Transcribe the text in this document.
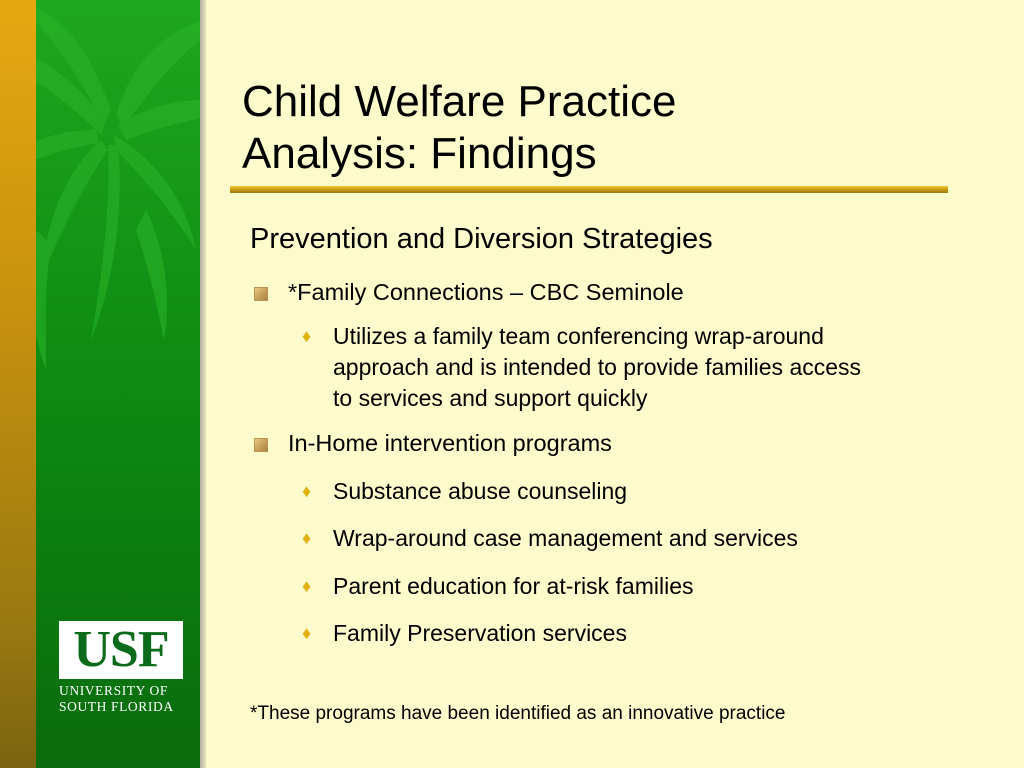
USF
UNIVERSITY OF
SOUTH FLORIDA
Child Welfare Practice
Analysis: Findings
Prevention and Diversion Strategies
*Family Connections – CBC Seminole
♦ Utilizes a family team conferencing wrap-around
approach and is intended to provide families access
to services and support quickly
In-Home intervention programs
♦ Substance abuse counseling
♦ Wrap-around case management and services
♦ Parent education for at-risk families
♦ Family Preservation services
*These programs have been identified as an innovative practice
